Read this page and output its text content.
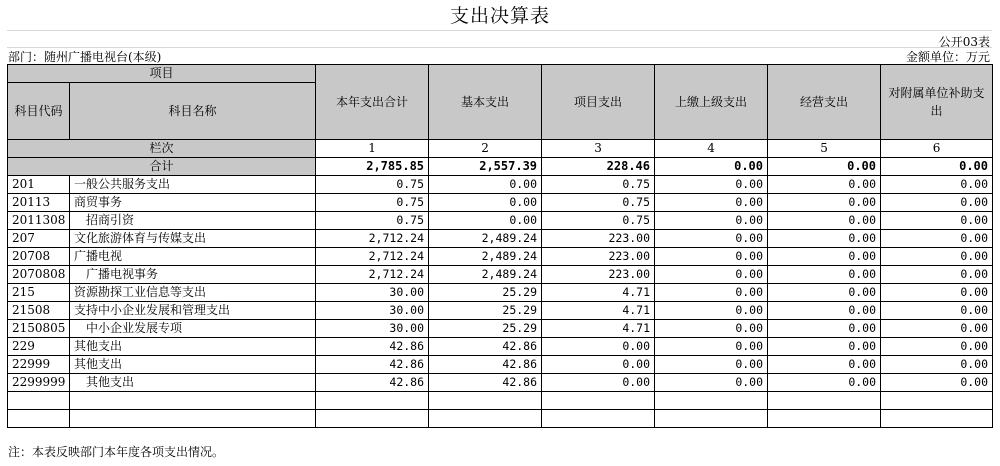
支出决算表
公开03表
部门：随州广播电视台(本级)	金额单位：万元
项目		本年支出合计	基本支出	项目支出	上缴上级支出	经营支出	对附属单位补助支出
科目代码	科目名称						

栏次		1	2	3	4	5	6
合计		2,785.85	2,557.39	228.46	0.00	0.00	0.00
201	一般公共服务支出	0.75	0.00	0.75	0.00	0.00	0.00
20113	商贸事务	0.75	0.00	0.75	0.00	0.00	0.00
2011308	招商引资	0.75	0.00	0.75	0.00	0.00	0.00
207	文化旅游体育与传媒支出	2,712.24	2,489.24	223.00	0.00	0.00	0.00
20708	广播电视	2,712.24	2,489.24	223.00	0.00	0.00	0.00
2070808	广播电视事务	2,712.24	2,489.24	223.00	0.00	0.00	0.00
215	资源勘探工业信息等支出	30.00	25.29	4.71	0.00	0.00	0.00
21508	支持中小企业发展和管理支出	30.00	25.29	4.71	0.00	0.00	0.00
2150805	中小企业发展专项	30.00	25.29	4.71	0.00	0.00	0.00
229	其他支出	42.86	42.86	0.00	0.00	0.00	0.00
22999	其他支出	42.86	42.86	0.00	0.00	0.00	0.00
2299999	其他支出	42.86	42.86	0.00	0.00	0.00	0.00

注：本表反映部门本年度各项支出情况。
